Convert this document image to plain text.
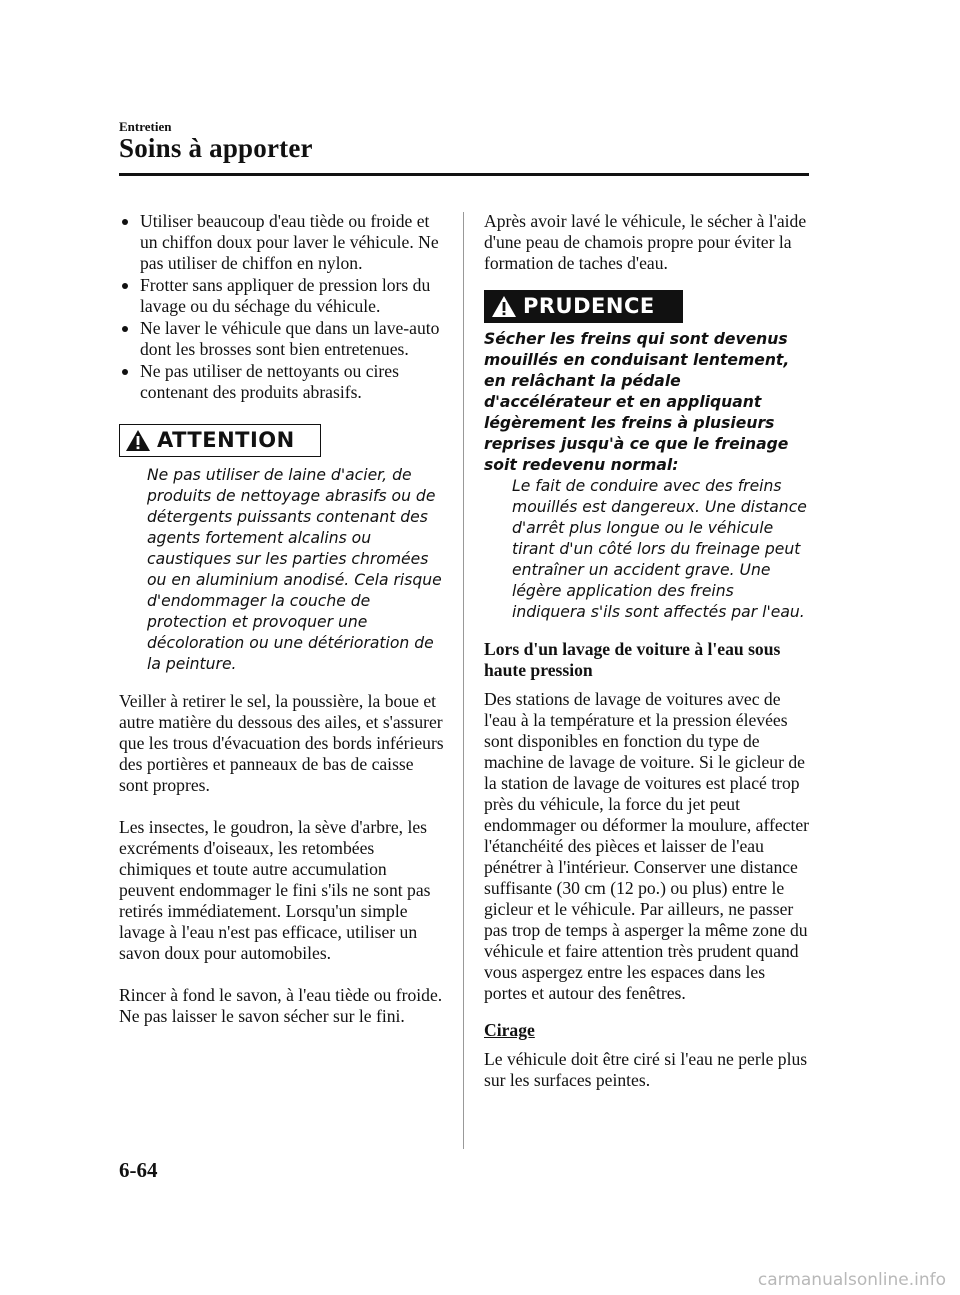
Entretien
Soins à apporter
Utiliser beaucoup d'eau tiède ou froide et un chiffon doux pour laver le véhicule. Ne pas utiliser de chiffon en nylon.
Frotter sans appliquer de pression lors du lavage ou du séchage du véhicule.
Ne laver le véhicule que dans un lave-auto dont les brosses sont bien entretenues.
Ne pas utiliser de nettoyants ou cires contenant des produits abrasifs.
ATTENTION

Ne pas utiliser de laine d'acier, de produits de nettoyage abrasifs ou de détergents puissants contenant des agents fortement alcalins ou caustiques sur les parties chromées ou en aluminium anodisé. Cela risque d'endommager la couche de protection et provoquer une décoloration ou une détérioration de la peinture.

Veiller à retirer le sel, la poussière, la boue et autre matière du dessous des ailes, et s'assurer que les trous d'évacuation des bords inférieurs des portières et panneaux de bas de caisse sont propres.

Les insectes, le goudron, la sève d'arbre, les excréments d'oiseaux, les retombées chimiques et toute autre accumulation peuvent endommager le fini s'ils ne sont pas retirés immédiatement. Lorsqu'un simple lavage à l'eau n'est pas efficace, utiliser un savon doux pour automobiles.

Rincer à fond le savon, à l'eau tiède ou froide. Ne pas laisser le savon sécher sur le fini.

Après avoir lavé le véhicule, le sécher à l'aide d'une peau de chamois propre pour éviter la formation de taches d'eau.

PRUDENCE

Sécher les freins qui sont devenus mouillés en conduisant lentement, en relâchant la pédale d'accélérateur et en appliquant légèrement les freins à plusieurs reprises jusqu'à ce que le freinage soit redevenu normal:

Le fait de conduire avec des freins mouillés est dangereux. Une distance d'arrêt plus longue ou le véhicule tirant d'un côté lors du freinage peut entraîner un accident grave. Une légère application des freins indiquera s'ils sont affectés par l'eau.

Lors d'un lavage de voiture à l'eau sous haute pression

Des stations de lavage de voitures avec de l'eau à la température et la pression élevées sont disponibles en fonction du type de machine de lavage de voiture. Si le gicleur de la station de lavage de voitures est placé trop près du véhicule, la force du jet peut endommager ou déformer la moulure, affecter l'étanchéité des pièces et laisser de l'eau pénétrer à l'intérieur. Conserver une distance suffisante (30 cm (12 po.) ou plus) entre le gicleur et le véhicule. Par ailleurs, ne passer pas trop de temps à asperger la même zone du véhicule et faire attention très prudent quand vous aspergez entre les espaces dans les portes et autour des fenêtres.

Cirage

Le véhicule doit être ciré si l'eau ne perle plus sur les surfaces peintes.

6-64
carmanualsonline.info
